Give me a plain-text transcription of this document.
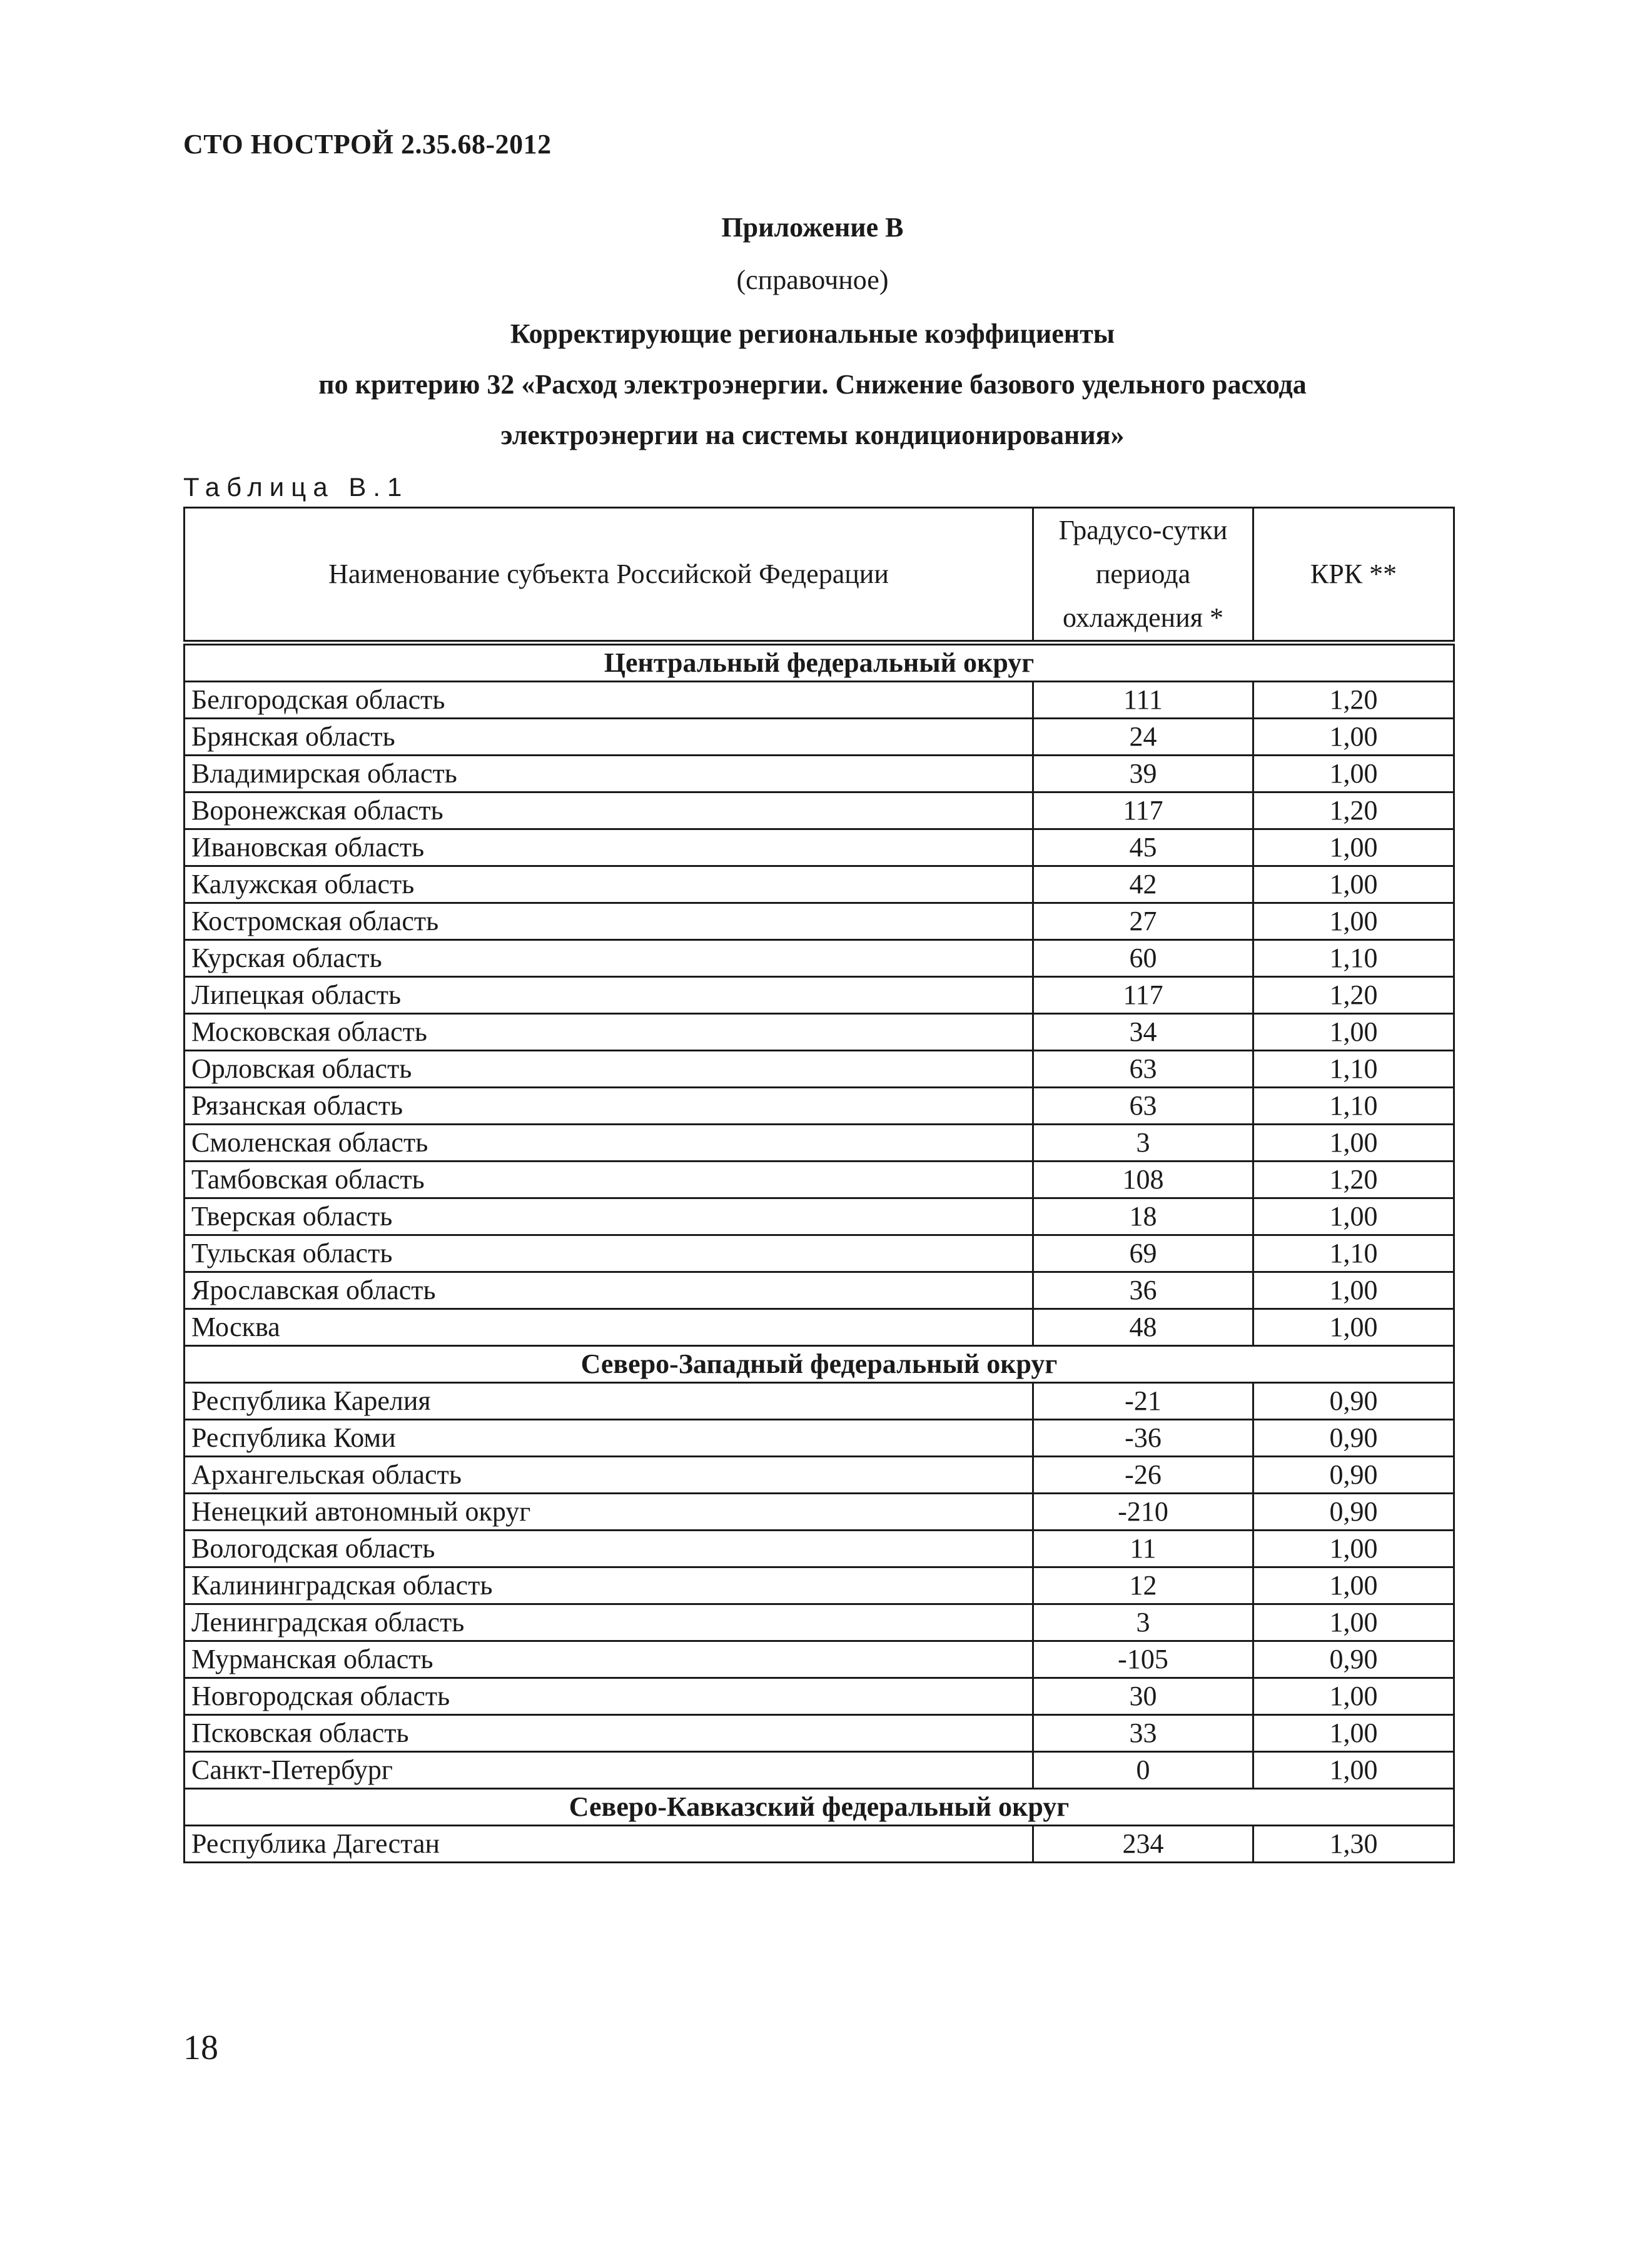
СТО НОСТРОЙ 2.35.68-2012
Приложение В
(справочное)
Корректирующие региональные коэффициенты
по критерию 32 «Расход электроэнергии. Снижение базового удельного расхода
электроэнергии на системы кондиционирования»
Таблица В.1
Наименование субъекта Российской Федерации	Градусо-сутки периода охлаждения *	КРК **
Центральный федеральный округ		
Белгородская область	111	1,20
Брянская область	24	1,00
Владимирская область	39	1,00
Воронежская область	117	1,20
Ивановская область	45	1,00
Калужская область	42	1,00
Костромская область	27	1,00
Курская область	60	1,10
Липецкая область	117	1,20
Московская область	34	1,00
Орловская область	63	1,10
Рязанская область	63	1,10
Смоленская область	3	1,00
Тамбовская область	108	1,20
Тверская область	18	1,00
Тульская область	69	1,10
Ярославская область	36	1,00
Москва	48	1,00
Северо-Западный федеральный округ		
Республика Карелия	-21	0,90
Республика Коми	-36	0,90
Архангельская область	-26	0,90
Ненецкий автономный округ	-210	0,90
Вологодская область	11	1,00
Калининградская область	12	1,00
Ленинградская область	3	1,00
Мурманская область	-105	0,90
Новгородская область	30	1,00
Псковская область	33	1,00
Санкт-Петербург	0	1,00
Северо-Кавказский федеральный округ		
Республика Дагестан	234	1,30
18
